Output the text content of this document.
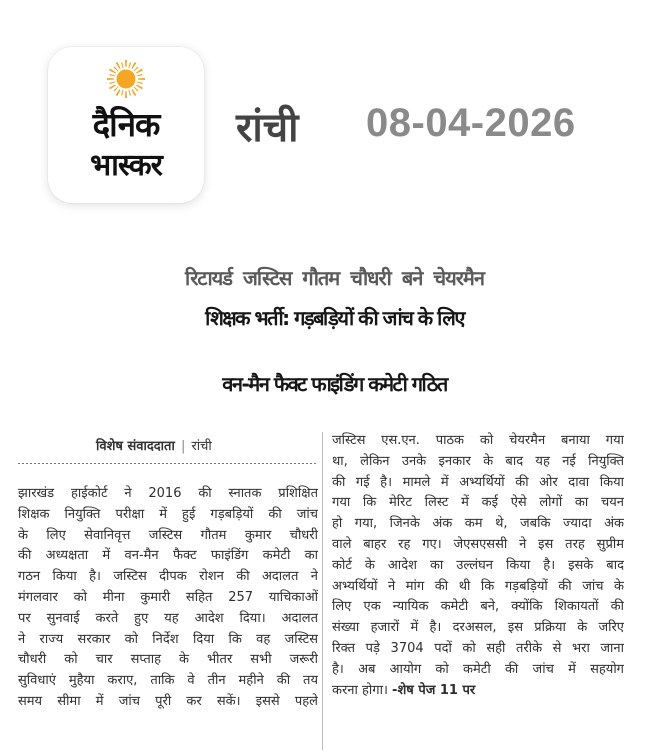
दैनिक
भास्कर
रांची 08-04-2026
रिटायर्ड जस्टिस गौतम चौधरी बने चेयरमैन
शिक्षक भर्ती: गड़बड़ियों की जांच के लिए
वन-मैन फैक्ट फाइंडिंग कमेटी गठित
विशेष संवाददाता | रांची
झारखंड हाईकोर्ट ने 2016 की स्नातक प्रशिक्षित
शिक्षक नियुक्ति परीक्षा में हुई गड़बड़ियों की जांच
के लिए सेवानिवृत्त जस्टिस गौतम कुमार चौधरी
की अध्यक्षता में वन-मैन फैक्ट फाइंडिंग कमेटी का
गठन किया है। जस्टिस दीपक रोशन की अदालत ने
मंगलवार को मीना कुमारी सहित 257 याचिकाओं
पर सुनवाई करते हुए यह आदेश दिया। अदालत
ने राज्य सरकार को निर्देश दिया कि वह जस्टिस
चौधरी को चार सप्ताह के भीतर सभी जरूरी
सुविधाएं मुहैया कराए, ताकि वे तीन महीने की तय
समय सीमा में जांच पूरी कर सकें। इससे पहले
जस्टिस एस.एन. पाठक को चेयरमैन बनाया गया
था, लेकिन उनके इनकार के बाद यह नई नियुक्ति
की गई है। मामले में अभ्यर्थियों की ओर दावा किया
गया कि मेरिट लिस्ट में कई ऐसे लोगों का चयन
हो गया, जिनके अंक कम थे, जबकि ज्यादा अंक
वाले बाहर रह गए। जेएसएससी ने इस तरह सुप्रीम
कोर्ट के आदेश का उल्लंघन किया है। इसके बाद
अभ्यर्थियों ने मांग की थी कि गड़बड़ियों की जांच के
लिए एक न्यायिक कमेटी बने, क्योंकि शिकायतों की
संख्या हजारों में है। दरअसल, इस प्रक्रिया के जरिए
रिक्त पड़े 3704 पदों को सही तरीके से भरा जाना
है। अब आयोग को कमेटी की जांच में सहयोग
करना होगा। -शेष पेज 11 पर
